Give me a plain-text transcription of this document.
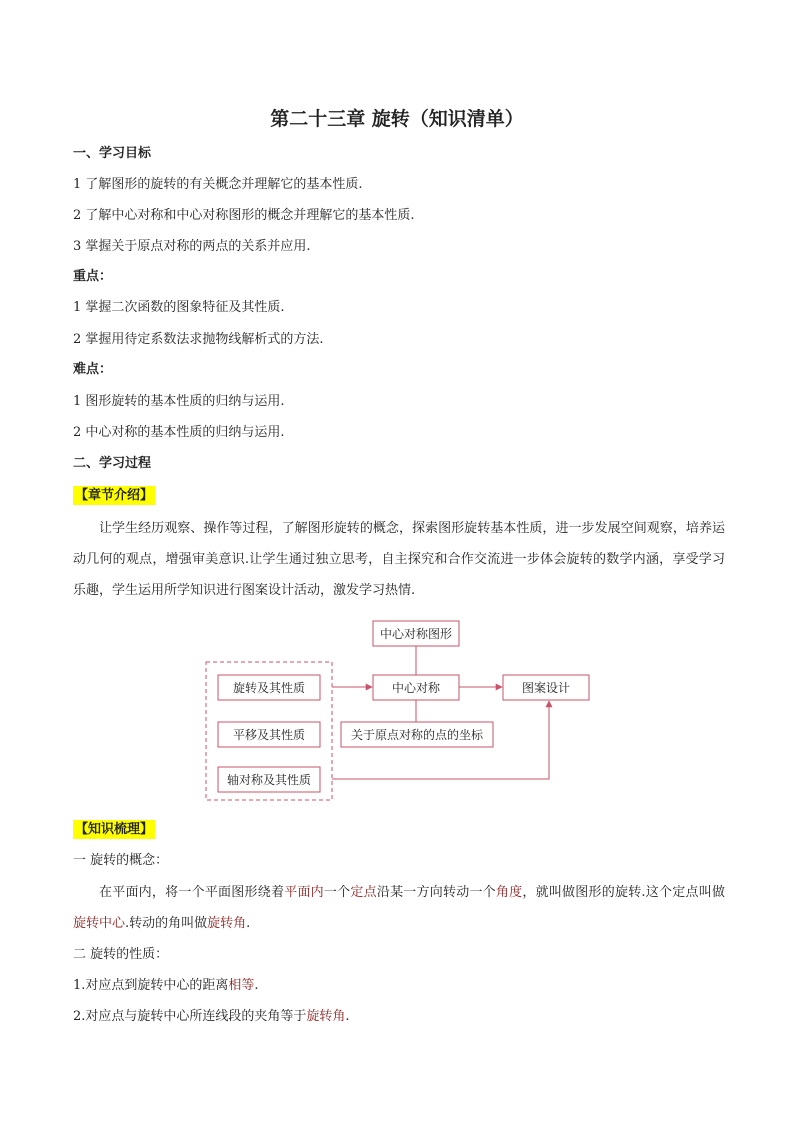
第二十三章 旋转（知识清单）
一、学习目标
1 了解图形的旋转的有关概念并理解它的基本性质.
2 了解中心对称和中心对称图形的概念并理解它的基本性质.
3 掌握关于原点对称的两点的关系并应用.
重点：
1 掌握二次函数的图象特征及其性质.
2 掌握用待定系数法求抛物线解析式的方法.
难点：
1 图形旋转的基本性质的归纳与运用.
2 中心对称的基本性质的归纳与运用.
二、学习过程
【章节介绍】
让学生经历观察、操作等过程，了解图形旋转的概念，探索图形旋转基本性质，进一步发展空间观察，培养运动几何的观点，增强审美意识.让学生通过独立思考，自主探究和合作交流进一步体会旋转的数学内涵，享受学习乐趣，学生运用所学知识进行图案设计活动，激发学习热情.
中心对称图形
旋转及其性质	中心对称	图案设计
平移及其性质	关于原点对称的点的坐标
轴对称及其性质
【知识梳理】
一 旋转的概念：
在平面内，将一个平面图形绕着平面内一个定点沿某一方向转动一个角度，就叫做图形的旋转.这个定点叫做旋转中心.转动的角叫做旋转角.
二 旋转的性质：
1.对应点到旋转中心的距离相等.
2.对应点与旋转中心所连线段的夹角等于旋转角.
